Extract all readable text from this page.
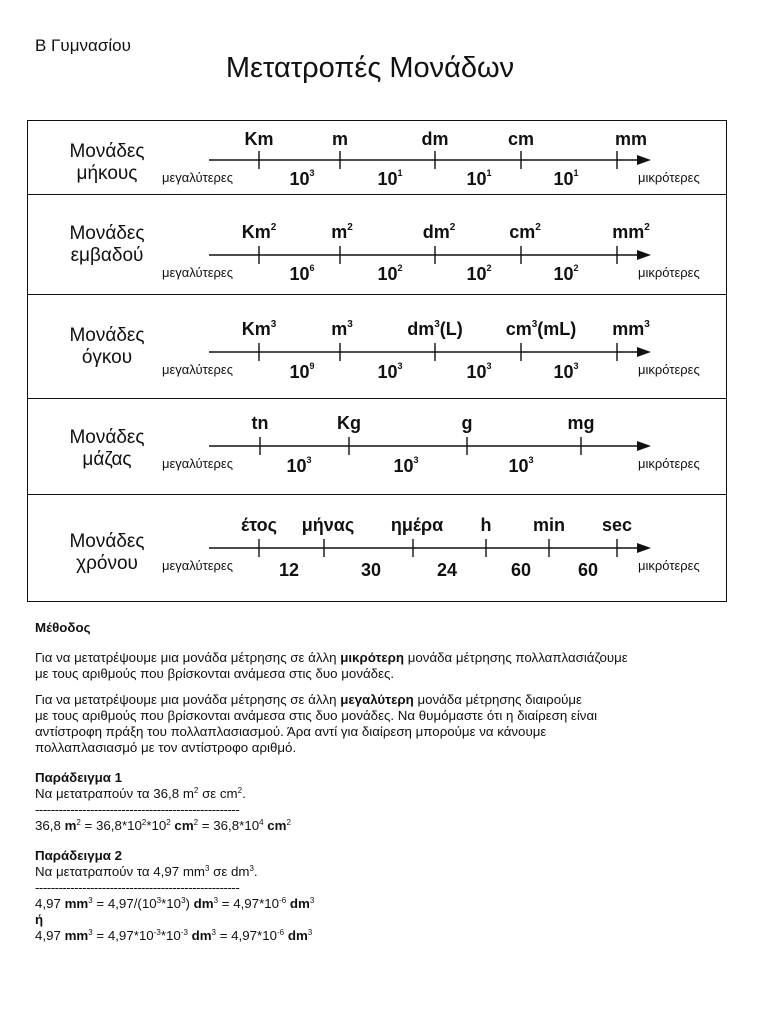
Β Γυμνασίου
Μετατροπές Μονάδων
Μονάδες
μήκους	μεγαλύτερες	μικρότερες
Km	m	dm	cm	mm
$10^3$	$10^1$	$10^1$	$10^1$
Μονάδες
εμβαδού
μεγαλύτερες	μικρότερες
Km$^2$	$m^2$	$dm^2$	$cm^2$	$mm^2$
$10^6$	$10^2$	$10^2$	$10^2$
Μονάδες
όγκου
μεγαλύτερες	μικρότερες
Km$^3$	$m^3$	$dm^3(L)$ $cm^3(mL)$ $mm^3$
$10^9$	$10^3$	$10^3$	$10^3$
Μονάδες
μάζας	μεγαλύτερες	μικρότερες
tn	Kg	g	mg
$10^3$	$10^3$	$10^3$
Μονάδες
χρόνου	μεγαλύτερες	μικρότερες
έτος μήνας ημέρα h min sec
12	30	24	60	60

Μέθοδος

Για να μετατρέψουμε μια μονάδα μέτρησης σε άλλη μικρότερη μονάδα μέτρησης πολλαπλασιάζουμε

με τους αριθμούς που βρίσκονται ανάμεσα στις δυο μονάδες.

Για να μετατρέψουμε μια μονάδα μέτρησης σε άλλη μεγαλύτερη μονάδα μέτρησης διαιρούμε

με τους αριθμούς που βρίσκονται ανάμεσα στις δυο μονάδες. Να θυμόμαστε ότι η διαίρεση είναι

αντίστροφη πράξη του πολλαπλασιασμού. Άρα αντί για διαίρεση μπορούμε να κάνουμε

πολλαπλασιασμό με τον αντίστροφο αριθμό.

Παράδειγμα 1

Να μετατραπούν τα 36,8 $m^2$ σε $cm^2$.

----------------------------------------------------

36,8 $m^2 = 36,8*10^2*10^2$ $cm^2 = 36,8*10^4$ $cm^2$

Παράδειγμα 2

Να μετατραπούν τα 4,97 $mm^3$ σε $dm^3$.

----------------------------------------------------

4,97 $mm^3 = 4,97/(10^3*10^3) dm^3 = 4,97*10^{-6}$ $dm^3$

ή

4,97 $mm^3 = 4,97*10^{-3}*10^{-3}$ $dm^3 = 4,97*10^{-6}$ $dm^3$
